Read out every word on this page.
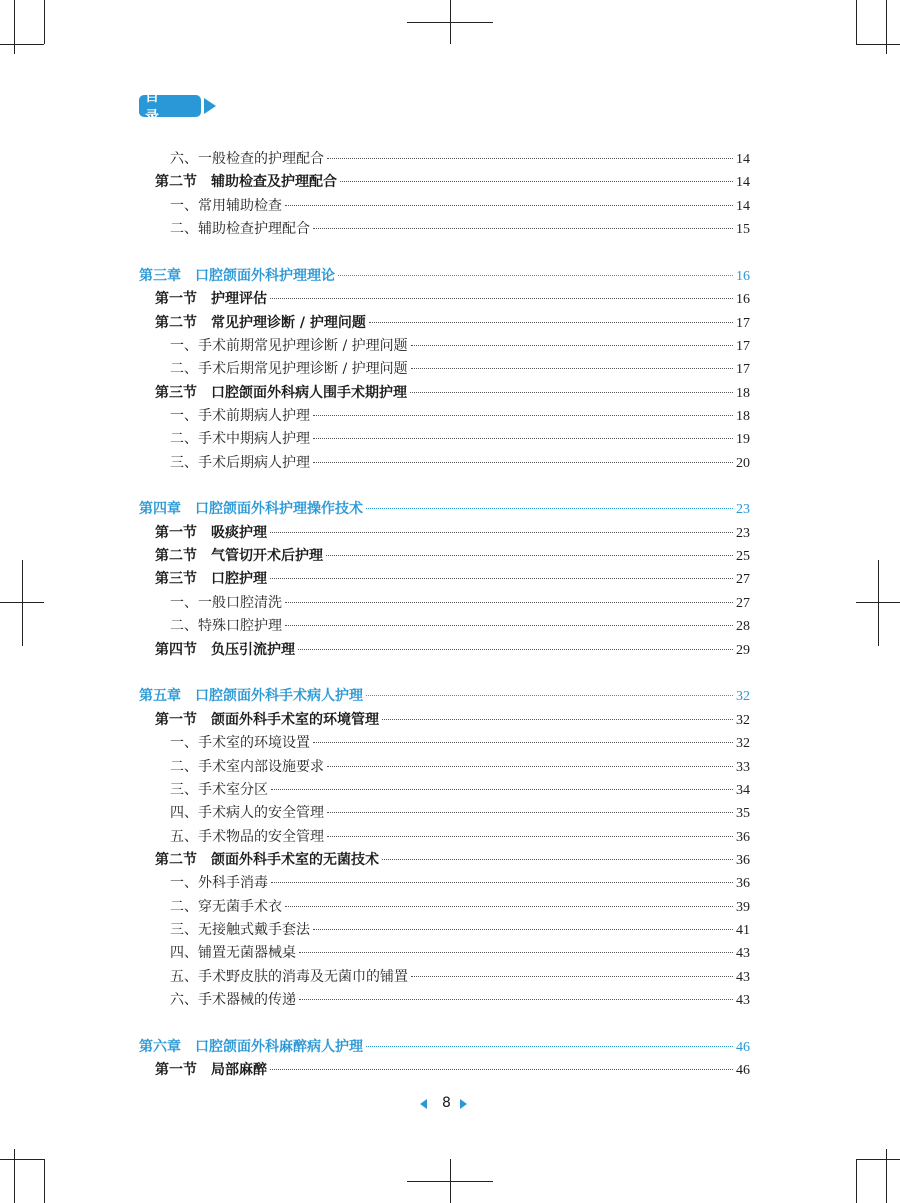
目 录
六、一般检查的护理配合	14
第二节　辅助检查及护理配合	14
一、常用辅助检查	14
二、辅助检查护理配合	15
第三章　口腔颌面外科护理理论	16
第一节　护理评估	16
第二节　常见护理诊断 / 护理问题	17
一、手术前期常见护理诊断 / 护理问题	17
二、手术后期常见护理诊断 / 护理问题	17
第三节　口腔颌面外科病人围手术期护理	18
一、手术前期病人护理	18
二、手术中期病人护理	19
三、手术后期病人护理	20
第四章　口腔颌面外科护理操作技术	23
第一节　吸痰护理	23
第二节　气管切开术后护理	25
第三节　口腔护理	27
一、一般口腔清洗	27
二、特殊口腔护理	28
第四节　负压引流护理	29
第五章　口腔颌面外科手术病人护理	32
第一节　颌面外科手术室的环境管理	32
一、手术室的环境设置	32
二、手术室内部设施要求	33
三、手术室分区	34
四、手术病人的安全管理	35
五、手术物品的安全管理	36
第二节　颌面外科手术室的无菌技术	36
一、外科手消毒	36
二、穿无菌手术衣	39
三、无接触式戴手套法	41
四、铺置无菌器械桌	43
五、手术野皮肤的消毒及无菌巾的铺置	43
六、手术器械的传递	43
第六章　口腔颌面外科麻醉病人护理	46
第一节　局部麻醉	46
8
